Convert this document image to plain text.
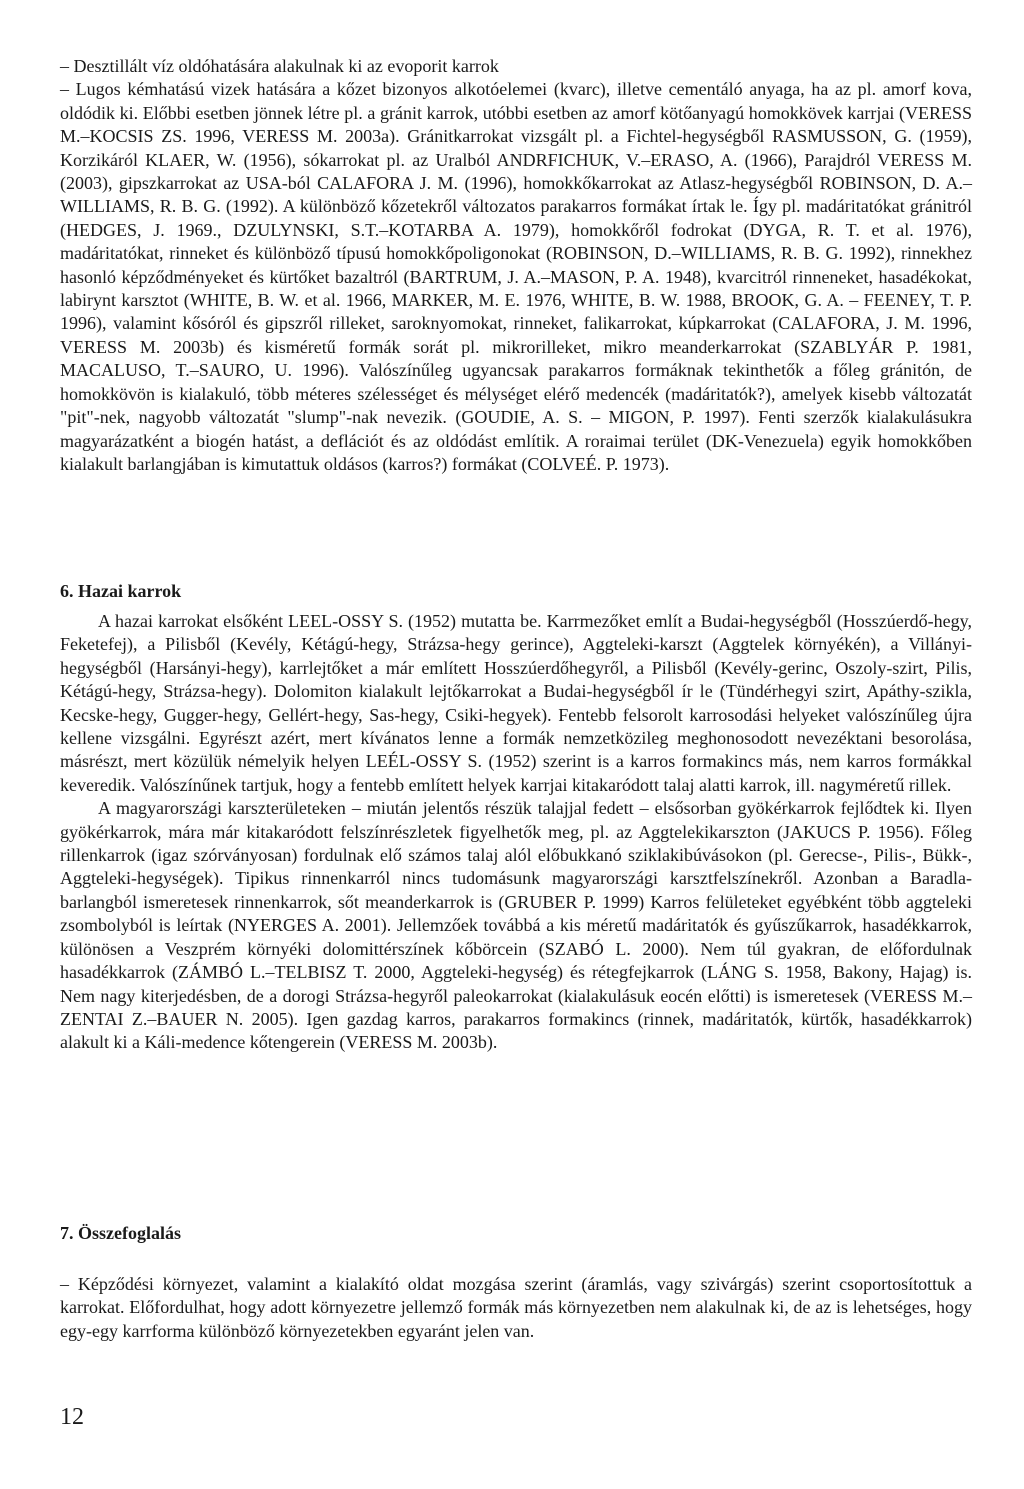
– Desztillált víz oldóhatására alakulnak ki az evoporit karrok

– Lugos kémhatású vizek hatására a kőzet bizonyos alkotóelemei (kvarc), illetve cementáló anyaga, ha az pl. amorf kova, oldódik ki. Előbbi esetben jönnek létre pl. a gránit karrok, utóbbi esetben az amorf kötőanyagú homokkövek karrjai (VERESS M.–KOCSIS ZS. 1996, VERESS M. 2003a). Gránitkarrokat vizsgált pl. a Fichtel-hegységből RASMUSSON, G. (1959), Korzikáról KLAER, W. (1956), sókarrokat pl. az Uralból ANDRFICHUK, V.–ERASO, A. (1966), Parajdról VERESS M. (2003), gipszkarrokat az USA-ból CALAFORA J. M. (1996), homokkőkarrokat az Atlasz-hegységből ROBINSON, D. A.–WILLIAMS, R. B. G. (1992). A különböző kőzetekről változatos parakarros formákat írtak le. Így pl. madáritatókat gránitról (HEDGES, J. 1969., DZULYNSKI, S.T.–KOTARBA A. 1979), homokkőről fodrokat (DYGA, R. T. et al. 1976), madáritatókat, rinneket és különböző típusú homokkőpoligonokat (ROBINSON, D.–WILLIAMS, R. B. G. 1992), rinnekhez hasonló képződményeket és kürtőket bazaltról (BARTRUM, J. A.–MASON, P. A. 1948), kvarcitról rinneneket, hasadékokat, labirynt karsztot (WHITE, B. W. et al. 1966, MARKER, M. E. 1976, WHITE, B. W. 1988, BROOK, G. A. – FEENEY, T. P. 1996), valamint kősóról és gipszről rilleket, saroknyomokat, rinneket, falikarrokat, kúpkarrokat (CALAFORA, J. M. 1996, VERESS M. 2003b) és kisméretű formák sorát pl. mikrorilleket, mikro meanderkarrokat (SZABLYÁR P. 1981, MACALUSO, T.–SAURO, U. 1996). Valószínűleg ugyancsak parakarros formáknak tekinthetők a főleg gránitón, de homokkövön is kialakuló, több méteres szélességet és mélységet elérő medencék (madáritatók?), amelyek kisebb változatát "pit"-nek, nagyobb változatát "slump"-nak nevezik. (GOUDIE, A. S. – MIGON, P. 1997). Fenti szerzők kialakulásukra magyarázatként a biogén hatást, a deflációt és az oldódást említik. A roraimai terület (DK-Venezuela) egyik homokkőben kialakult barlangjában is kimutattuk oldásos (karros?) formákat (COLVEÉ. P. 1973).

6. Hazai karrok

A hazai karrokat elsőként LEEL-OSSY S. (1952) mutatta be. Karrmezőket említ a Budai-hegységből (Hosszúerdő-hegy, Feketefej), a Pilisből (Kevély, Kétágú-hegy, Strázsa-hegy gerince), Aggteleki-karszt (Aggtelek környékén), a Villányi-hegységből (Harsányi-hegy), karrlejtőket a már említett Hosszúerdőhegyről, a Pilisből (Kevély-gerinc, Oszoly-szirt, Pilis, Kétágú-hegy, Strázsa-hegy). Dolomiton kialakult lejtőkarrokat a Budai-hegységből ír le (Tündérhegyi szirt, Apáthy-szikla, Kecske-hegy, Gugger-hegy, Gellért-hegy, Sas-hegy, Csiki-hegyek). Fentebb felsorolt karrosodási helyeket valószínűleg újra kellene vizsgálni. Egyrészt azért, mert kívánatos lenne a formák nemzetközileg meghonosodott nevezéktani besorolása, másrészt, mert közülük némelyik helyen LEÉL-OSSY S. (1952) szerint is a karros formakincs más, nem karros formákkal keveredik. Valószínűnek tartjuk, hogy a fentebb említett helyek karrjai kitakaródott talaj alatti karrok, ill. nagyméretű rillek.

A magyarországi karszterületeken – miután jelentős részük talajjal fedett – elsősorban gyökérkarrok fejlődtek ki. Ilyen gyökérkarrok, mára már kitakaródott felszínrészletek figyelhetők meg, pl. az Aggtelekikarszton (JAKUCS P. 1956). Főleg rillenkarrok (igaz szórványosan) fordulnak elő számos talaj alól előbukkanó sziklakibúvásokon (pl. Gerecse-, Pilis-, Bükk-, Aggteleki-hegységek). Tipikus rinnenkarról nincs tudomásunk magyarországi karsztfelszínekről. Azonban a Baradla-barlangból ismeretesek rinnenkarrok, sőt meanderkarrok is (GRUBER P. 1999) Karros felületeket egyébként több aggteleki zsombolyból is leírtak (NYERGES A. 2001). Jellemzőek továbbá a kis méretű madáritatók és gyűszűkarrok, hasadékkarrok, különösen a Veszprém környéki dolomittérszínek kőbörcein (SZABÓ L. 2000). Nem túl gyakran, de előfordulnak hasadékkarrok (ZÁMBÓ L.–TELBISZ T. 2000, Aggteleki-hegység) és rétegfejkarrok (LÁNG S. 1958, Bakony, Hajag) is. Nem nagy kiterjedésben, de a dorogi Strázsa-hegyről paleokarrokat (kialakulásuk eocén előtti) is ismeretesek (VERESS M.–ZENTAI Z.–BAUER N. 2005). Igen gazdag karros, parakarros formakincs (rinnek, madáritatók, kürtők, hasadékkarrok) alakult ki a Káli-medence kőtengerein (VERESS M. 2003b).

7. Összefoglalás

– Képződési környezet, valamint a kialakító oldat mozgása szerint (áramlás, vagy szivárgás) szerint csoportosítottuk a karrokat. Előfordulhat, hogy adott környezetre jellemző formák más környezetben nem alakulnak ki, de az is lehetséges, hogy egy-egy karrforma különböző környezetekben egyaránt jelen van.

12
